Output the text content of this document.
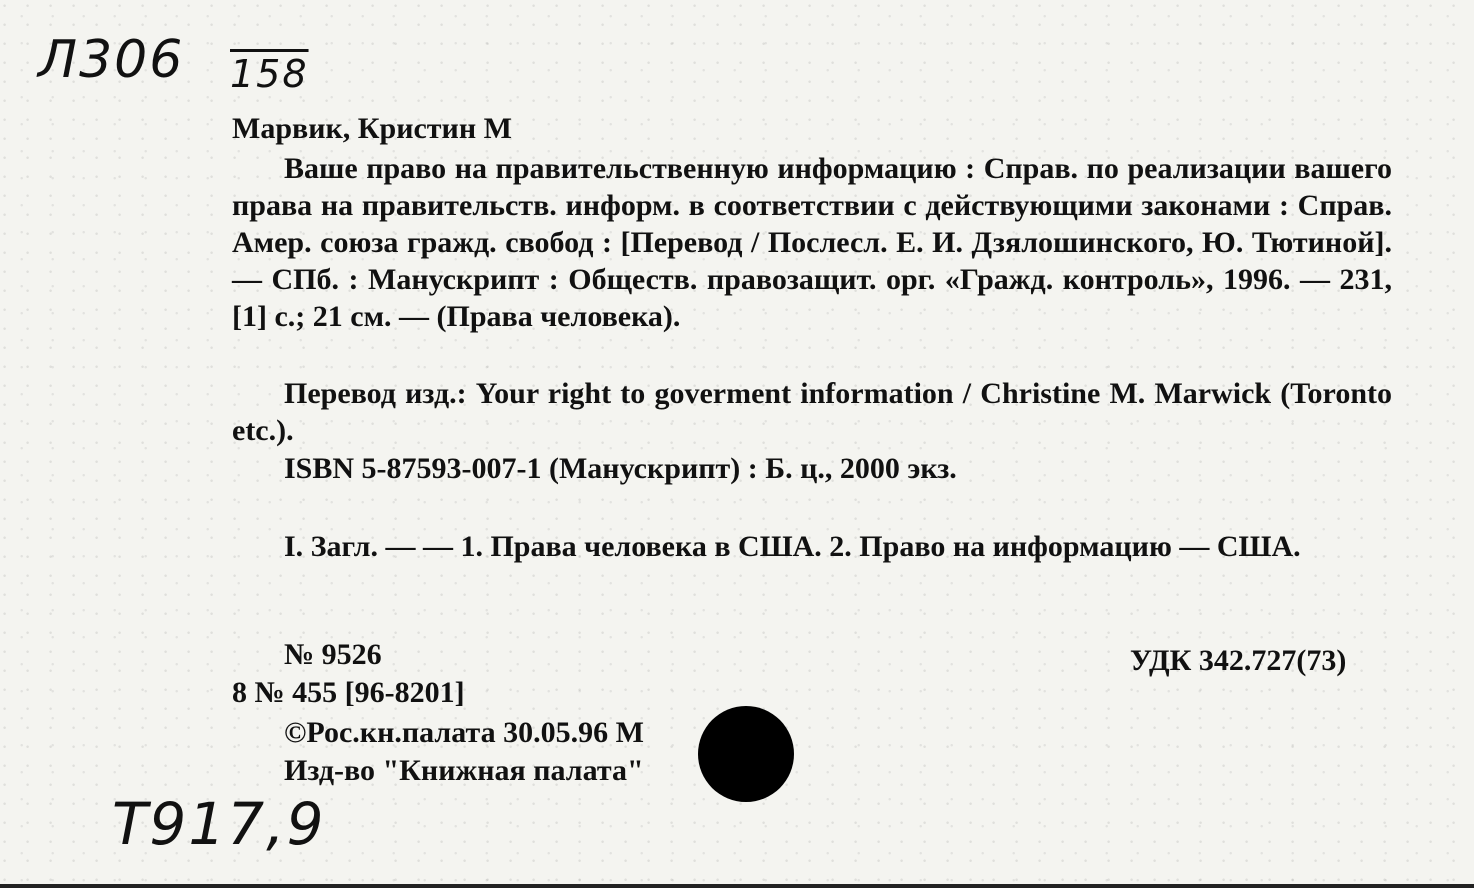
Л306 158
Марвик, Кристин М
Ваше право на правительственную информацию : Справ. по реализации вашего права на правительств. информ. в соответствии с действующими законами : Справ. Амер. союза гражд. свобод : [Перевод / Послесл. Е. И. Дзялошинского, Ю. Тютиной]. — СПб. : Манускрипт : Обществ. правозащит. орг. «Гражд. контроль», 1996. — 231,[1] с.; 21 см. — (Права человека).
Перевод изд.: Your right to goverment information / Christine M. Marwick (Toronto etc.).
ISBN 5-87593-007-1 (Манускрипт) : Б. ц., 2000 экз.
I. Загл. — — 1. Права человека в США. 2. Право на информацию — США.
№ 9526	УДК 342.727(73)
8 № 455 [96-8201]
©Рос.кн.палата 30.05.96 М
Изд-во "Книжная палата"
Т917,9
